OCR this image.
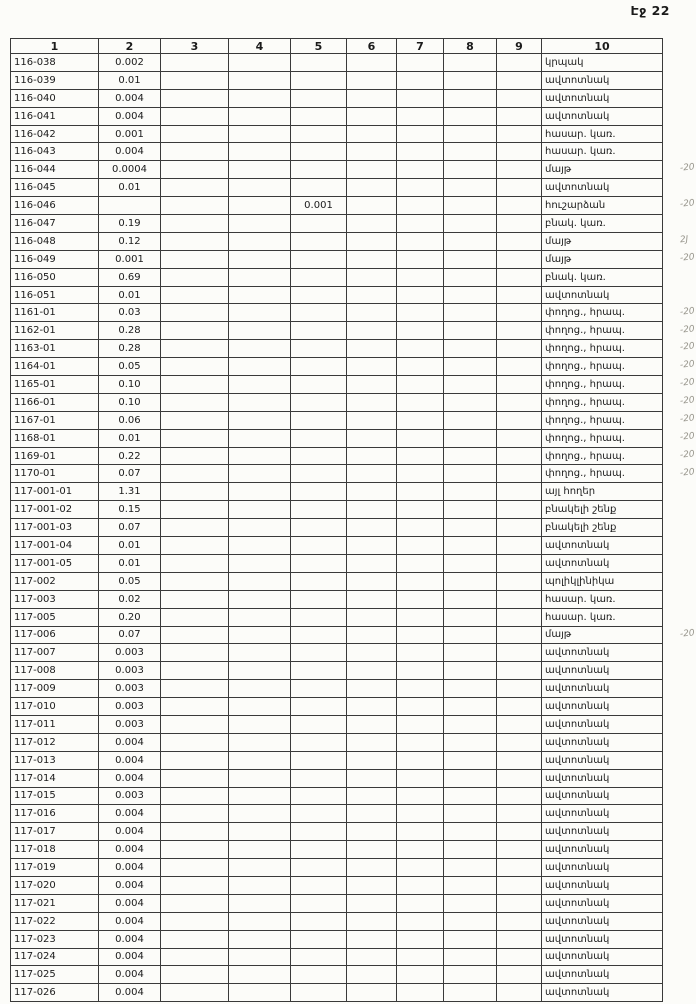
Էջ 22
1	2	3	4	5	6	7	8	9	10
116-038	0.002								կրպակ
116-039	0.01								ավտոտնակ
116-040	0.004								ավտոտնակ
116-041	0.004								ավտոտնակ
116-042	0.001								հասար. կառ.
116-043	0.004								հասար. կառ.
116-044	0.0004								մայթ
116-045	0.01								ավտոտնակ
116-046				0.001					հուշարձան
116-047	0.19								բնակ. կառ.
116-048	0.12								մայթ
116-049	0.001								մայթ
116-050	0.69								բնակ. կառ.
116-051	0.01								ավտոտնակ
1161-01	0.03								փողոց., հրապ.
1162-01	0.28								փողոց., հրապ.
1163-01	0.28								փողոց., հրապ.
1164-01	0.05								փողոց., հրապ.
1165-01	0.10								փողոց., հրապ.
1166-01	0.10								փողոց., հրապ.
1167-01	0.06								փողոց., հրապ.
1168-01	0.01								փողոց., հրապ.
1169-01	0.22								փողոց., հրապ.
1170-01	0.07								փողոց., հրապ.
117-001-01	1.31								այլ հողեր
117-001-02	0.15								բնակելի շենք
117-001-03	0.07								բնակելի շենք
117-001-04	0.01								ավտոտնակ
117-001-05	0.01								ավտոտնակ
117-002	0.05								պոլիկլինիկա
117-003	0.02								հասար. կառ.
117-005	0.20								հասար. կառ.
117-006	0.07								մայթ
117-007	0.003								ավտոտնակ
117-008	0.003								ավտոտնակ
117-009	0.003								ավտոտնակ
117-010	0.003								ավտոտնակ
117-011	0.003								ավտոտնակ
117-012	0.004								ավտոտնակ
117-013	0.004								ավտոտնակ
117-014	0.004								ավտոտնակ
117-015	0.003								ավտոտնակ
117-016	0.004								ավտոտնակ
117-017	0.004								ավտոտնակ
117-018	0.004								ավտոտնակ
117-019	0.004								ավտոտնակ
117-020	0.004								ավտոտնակ
117-021	0.004								ավտոտնակ
117-022	0.004								ավտոտնակ
117-023	0.004								ավտոտնակ
117-024	0.004								ավտոտնակ
117-025	0.004								ավտոտնակ
117-026	0.004								ավտոտնակ
-20
-20
2J
-20
-20
-20
-20
-20
-20
-20
-20
-20
-20
-20
-20
